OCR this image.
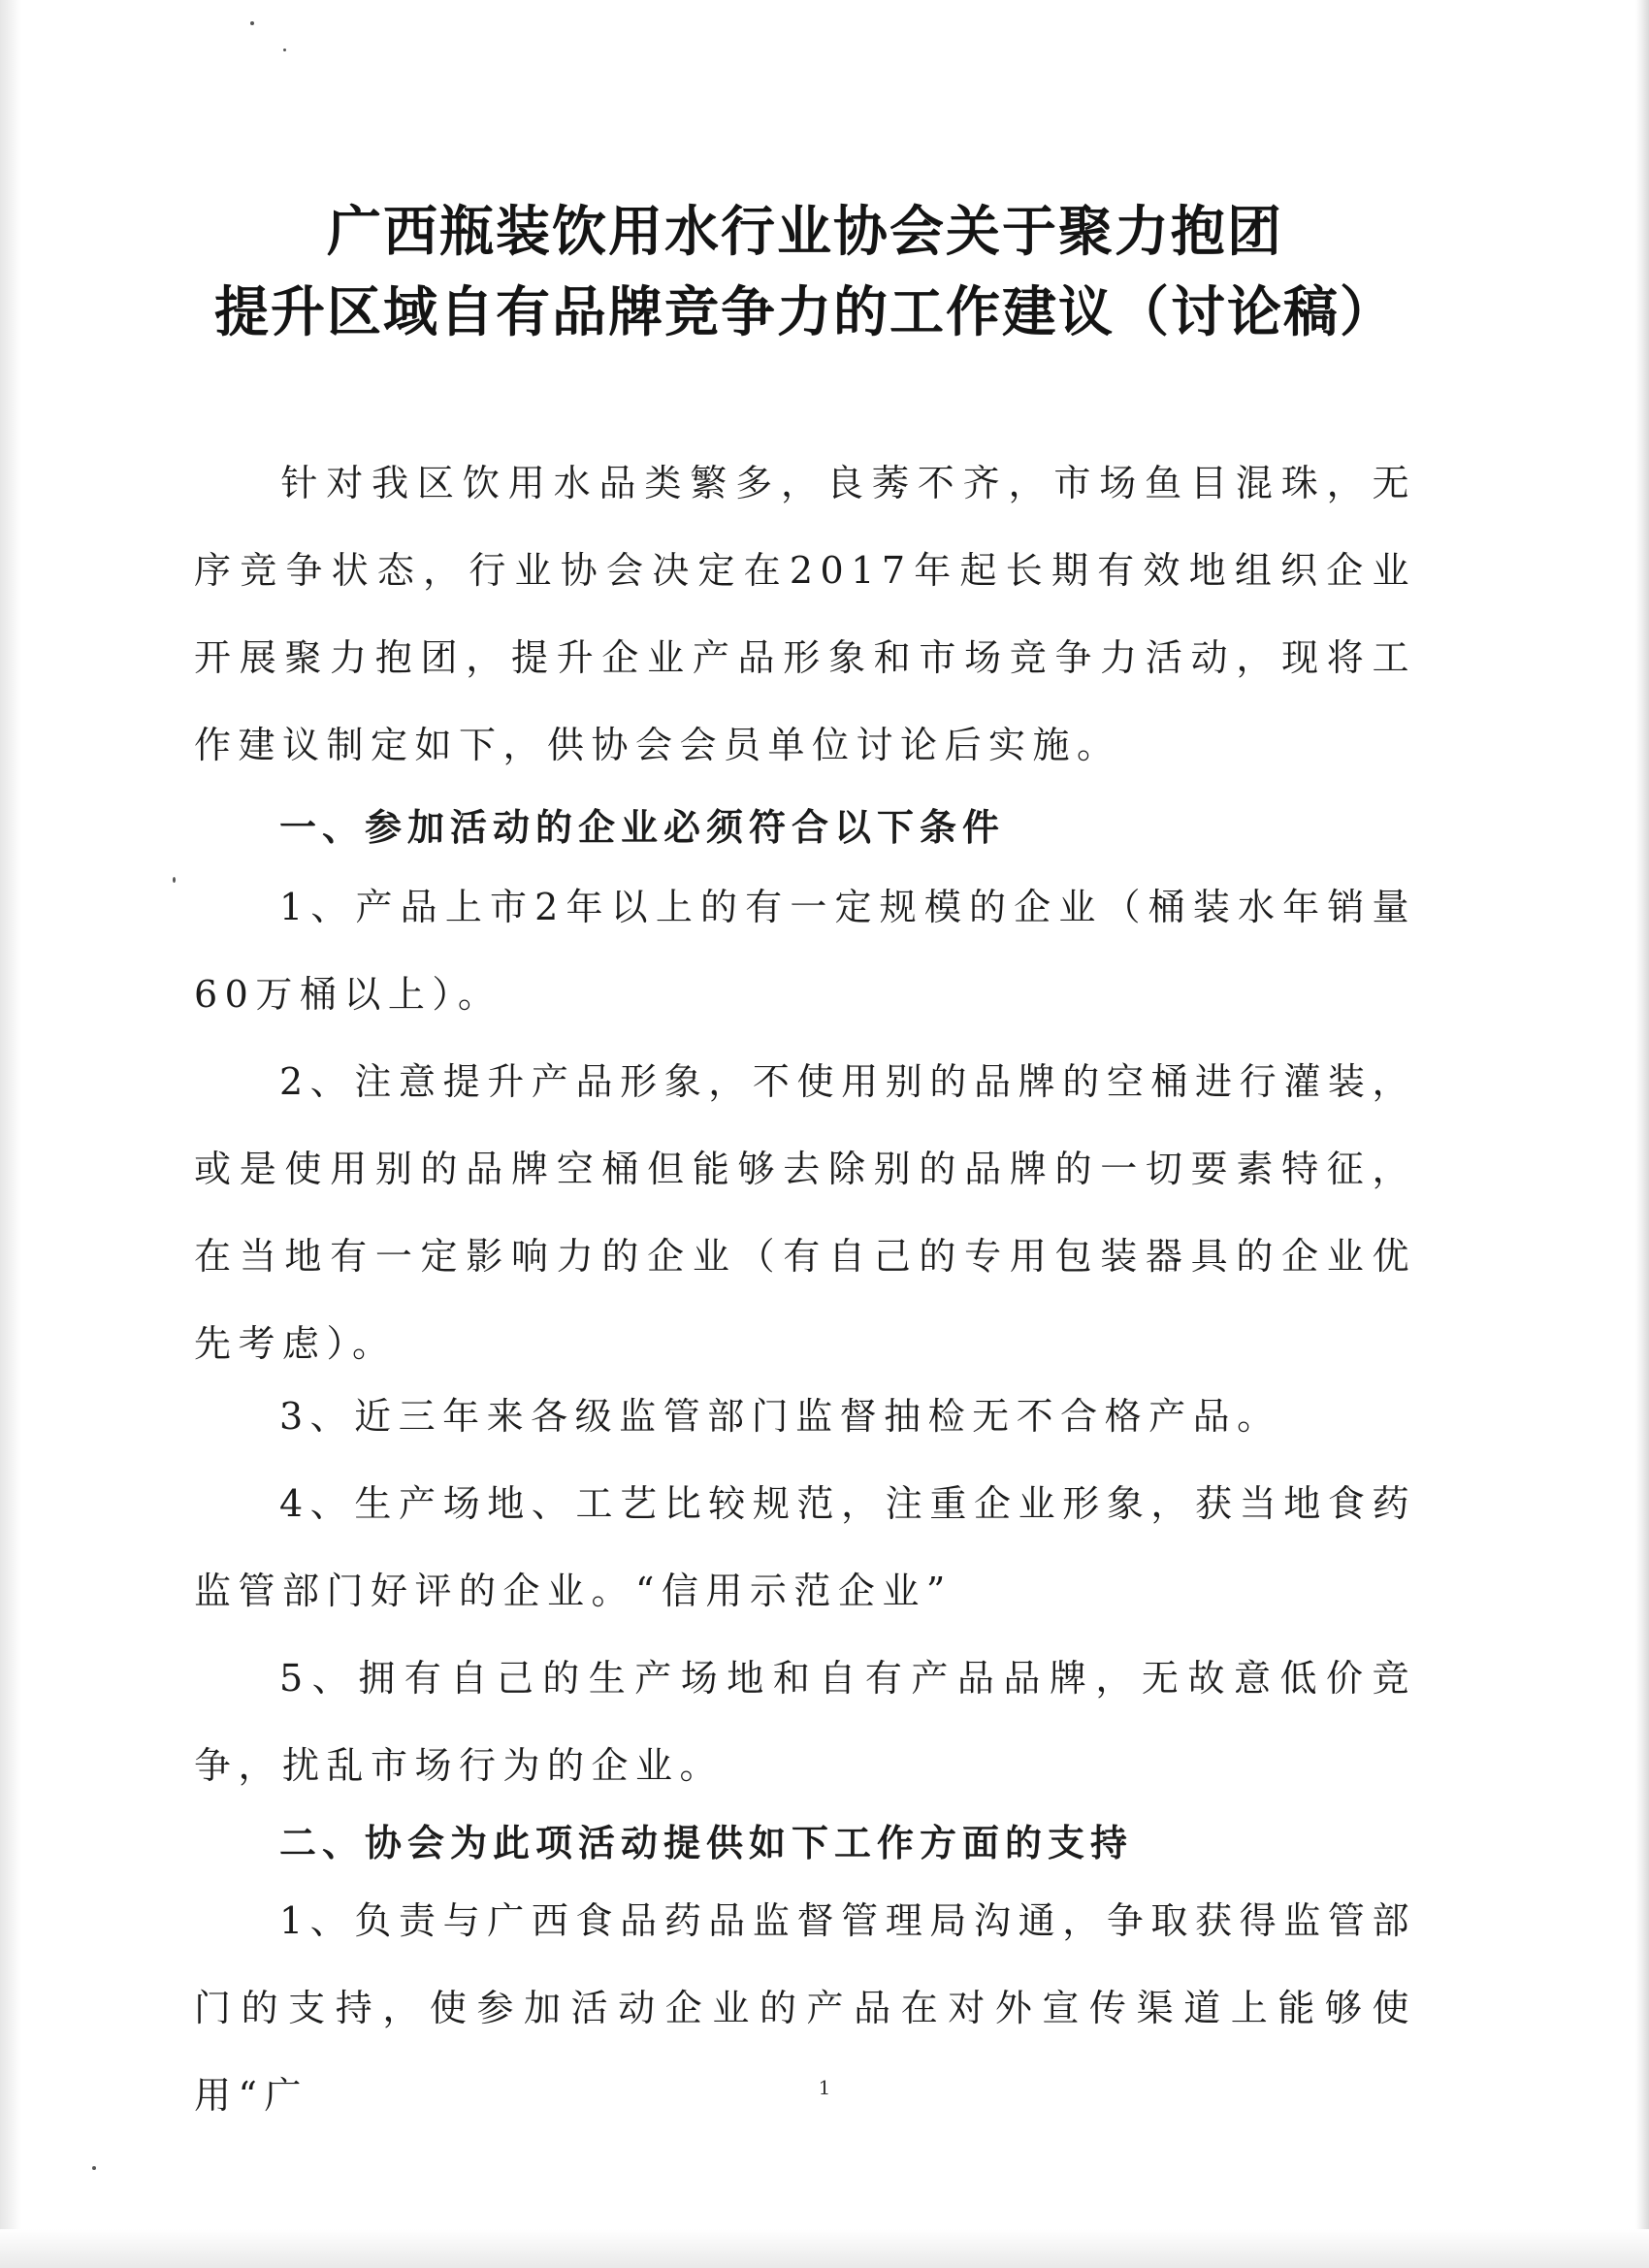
广西瓶装饮用水行业协会关于聚力抱团
提升区域自有品牌竞争力的工作建议（讨论稿）
针对我区饮用水品类繁多，良莠不齐，市场鱼目混珠，无序竞争状态，行业协会决定在2017年起长期有效地组织企业开展聚力抱团，提升企业产品形象和市场竞争力活动，现将工作建议制定如下，供协会会员单位讨论后实施。
一、参加活动的企业必须符合以下条件
1、产品上市2年以上的有一定规模的企业（桶装水年销量60万桶以上）。
2、注意提升产品形象，不使用别的品牌的空桶进行灌装，或是使用别的品牌空桶但能够去除别的品牌的一切要素特征，在当地有一定影响力的企业（有自己的专用包装器具的企业优先考虑）。
3、近三年来各级监管部门监督抽检无不合格产品。
4、生产场地、工艺比较规范，注重企业形象，获当地食药监管部门好评的企业。“信用示范企业”
5、拥有自己的生产场地和自有产品品牌，无故意低价竞争，扰乱市场行为的企业。
二、协会为此项活动提供如下工作方面的支持
1、负责与广西食品药品监督管理局沟通，争取获得监管部门的支持，使参加活动企业的产品在对外宣传渠道上能够使用“广	1
